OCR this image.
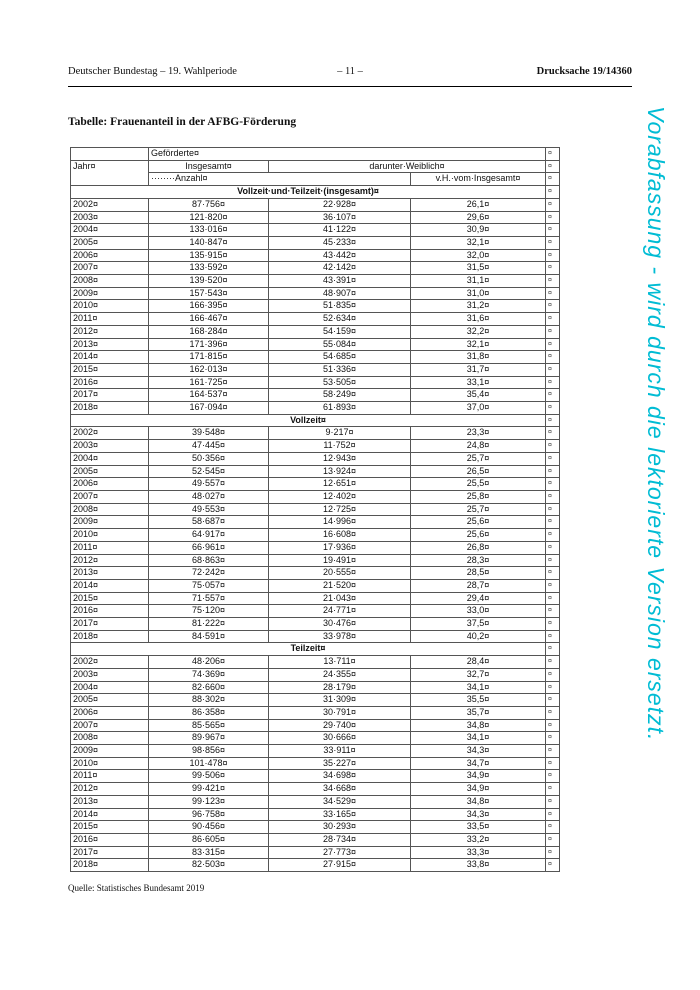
Deutscher Bundestag – 19. Wahlperiode	– 11 –	Drucksache 19/14360
Tabelle: Frauenanteil in der AFBG-Förderung
	Geförderte¤			¤
Jahr¤	Insgesamt¤	darunter·Weiblich¤		¤
	········Anzahl¤		v.H.·vom·Insgesamt¤	¤
Vollzeit·und·Teilzeit·(insgesamt)¤				¤
2002¤	87·756¤	22·928¤	26,1¤	¤
2003¤	121·820¤	36·107¤	29,6¤	¤
2004¤	133·016¤	41·122¤	30,9¤	¤
2005¤	140·847¤	45·233¤	32,1¤	¤
2006¤	135·915¤	43·442¤	32,0¤	¤
2007¤	133·592¤	42·142¤	31,5¤	¤
2008¤	139·520¤	43·391¤	31,1¤	¤
2009¤	157·543¤	48·907¤	31,0¤	¤
2010¤	166·395¤	51·835¤	31,2¤	¤
2011¤	166·467¤	52·634¤	31,6¤	¤
2012¤	168·284¤	54·159¤	32,2¤	¤
2013¤	171·396¤	55·084¤	32,1¤	¤
2014¤	171·815¤	54·685¤	31,8¤	¤
2015¤	162·013¤	51·336¤	31,7¤	¤
2016¤	161·725¤	53·505¤	33,1¤	¤
2017¤	164·537¤	58·249¤	35,4¤	¤
2018¤	167·094¤	61·893¤	37,0¤	¤
Vollzeit¤				¤
2002¤	39·548¤	9·217¤	23,3¤	¤
2003¤	47·445¤	11·752¤	24,8¤	¤
2004¤	50·356¤	12·943¤	25,7¤	¤
2005¤	52·545¤	13·924¤	26,5¤	¤
2006¤	49·557¤	12·651¤	25,5¤	¤
2007¤	48·027¤	12·402¤	25,8¤	¤
2008¤	49·553¤	12·725¤	25,7¤	¤
2009¤	58·687¤	14·996¤	25,6¤	¤
2010¤	64·917¤	16·608¤	25,6¤	¤
2011¤	66·961¤	17·936¤	26,8¤	¤
2012¤	68·863¤	19·491¤	28,3¤	¤
2013¤	72·242¤	20·555¤	28,5¤	¤
2014¤	75·057¤	21·520¤	28,7¤	¤
2015¤	71·557¤	21·043¤	29,4¤	¤
2016¤	75·120¤	24·771¤	33,0¤	¤
2017¤	81·222¤	30·476¤	37,5¤	¤
2018¤	84·591¤	33·978¤	40,2¤	¤
Teilzeit¤				¤
2002¤	48·206¤	13·711¤	28,4¤	¤
2003¤	74·369¤	24·355¤	32,7¤	¤
2004¤	82·660¤	28·179¤	34,1¤	¤
2005¤	88·302¤	31·309¤	35,5¤	¤
2006¤	86·358¤	30·791¤	35,7¤	¤
2007¤	85·565¤	29·740¤	34,8¤	¤
2008¤	89·967¤	30·666¤	34,1¤	¤
2009¤	98·856¤	33·911¤	34,3¤	¤
2010¤	101·478¤	35·227¤	34,7¤	¤
2011¤	99·506¤	34·698¤	34,9¤	¤
2012¤	99·421¤	34·668¤	34,9¤	¤
2013¤	99·123¤	34·529¤	34,8¤	¤
2014¤	96·758¤	33·165¤	34,3¤	¤
2015¤	90·456¤	30·293¤	33,5¤	¤
2016¤	86·605¤	28·734¤	33,2¤	¤
2017¤	83·315¤	27·773¤	33,3¤	¤
2018¤	82·503¤	27·915¤	33,8¤	¤
Quelle: Statistisches Bundesamt 2019
Vorabfassung - wird durch die lektorierte Version ersetzt.
